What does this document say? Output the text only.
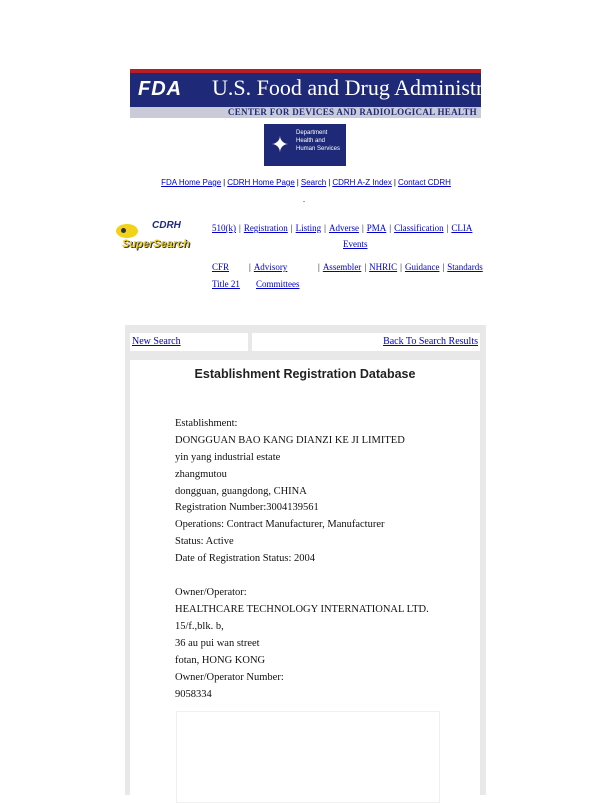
FDA	U.S. Food and Drug Administration
CENTER FOR DEVICES AND RADIOLOGICAL HEALTH
✦ Department
Health and
Human Services
FDA Home Page | CDRH Home Page | Search | CDRH A-Z Index | Contact CDRH
.
CDRH
SuperSearch
510(k) | Registration | Listing | Adverse | PMA | Classification | CLIA
Events
CFR	| Advisory	| Assembler | NHRIC | Guidance | Standards
Title 21 Committees
New Search	Back To Search Results
Establishment Registration Database
Establishment:
DONGGUAN BAO KANG DIANZI KE JI LIMITED
yin yang industrial estate
zhangmutou
dongguan, guangdong, CHINA
Registration Number:3004139561
Operations: Contract Manufacturer, Manufacturer
Status: Active
Date of Registration Status: 2004
Owner/Operator:
HEALTHCARE TECHNOLOGY INTERNATIONAL LTD.
15/f.,blk. b,
36 au pui wan street
fotan, HONG KONG
Owner/Operator Number:
9058334
